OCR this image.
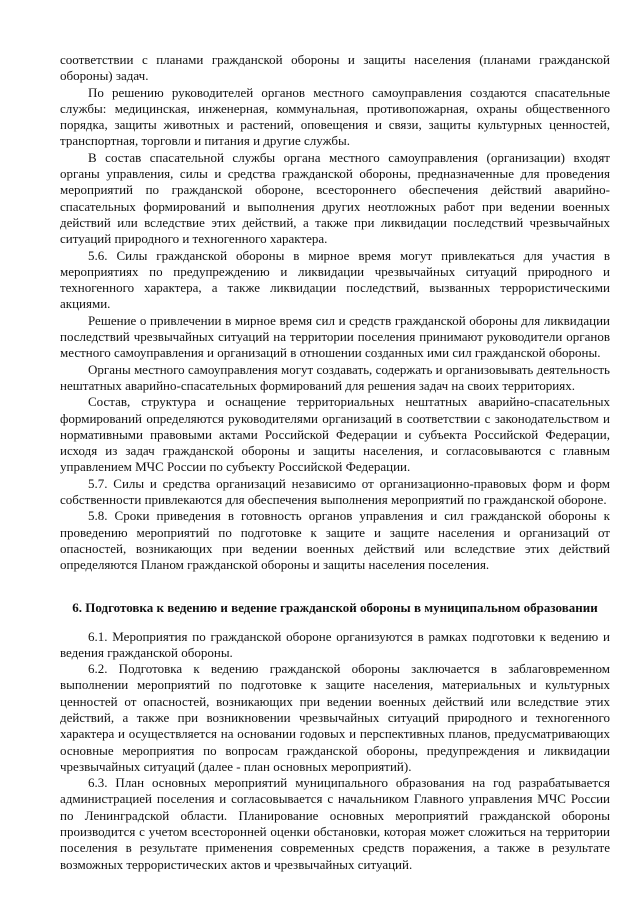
соответствии с планами гражданской обороны и защиты населения (планами гражданской обороны) задач.

По решению руководителей органов местного самоуправления создаются спасательные службы: медицинская, инженерная, коммунальная, противопожарная, охраны общественного порядка, защиты животных и растений, оповещения и связи, защиты культурных ценностей, транспортная, торговли и питания и другие службы.

В состав спасательной службы органа местного самоуправления (организации) входят органы управления, силы и средства гражданской обороны, предназначенные для проведения мероприятий по гражданской обороне, всестороннего обеспечения действий аварийно-спасательных формирований и выполнения других неотложных работ при ведении военных действий или вследствие этих действий, а также при ликвидации последствий чрезвычайных ситуаций природного и техногенного характера.

5.6. Силы гражданской обороны в мирное время могут привлекаться для участия в мероприятиях по предупреждению и ликвидации чрезвычайных ситуаций природного и техногенного характера, а также ликвидации последствий, вызванных террористическими акциями.

Решение о привлечении в мирное время сил и средств гражданской обороны для ликвидации последствий чрезвычайных ситуаций на территории поселения принимают руководители органов местного самоуправления и организаций в отношении созданных ими сил гражданской обороны.

Органы местного самоуправления могут создавать, содержать и организовывать деятельность нештатных аварийно-спасательных формирований для решения задач на своих территориях.

Состав, структура и оснащение территориальных нештатных аварийно-спасательных формирований определяются руководителями организаций в соответствии с законодательством и нормативными правовыми актами Российской Федерации и субъекта Российской Федерации, исходя из задач гражданской обороны и защиты населения, и согласовываются с главным управлением МЧС России по субъекту Российской Федерации.

5.7. Силы и средства организаций независимо от организационно-правовых форм и форм собственности привлекаются для обеспечения выполнения мероприятий по гражданской обороне.

5.8. Сроки приведения в готовность органов управления и сил гражданской обороны к проведению мероприятий по подготовке к защите и защите населения и организаций от опасностей, возникающих при ведении военных действий или вследствие этих действий определяются Планом гражданской обороны и защиты населения поселения.

6. Подготовка к ведению и ведение гражданской обороны в муниципальном образовании

6.1. Мероприятия по гражданской обороне организуются в рамках подготовки к ведению и ведения гражданской обороны.

6.2. Подготовка к ведению гражданской обороны заключается в заблаговременном выполнении мероприятий по подготовке к защите населения, материальных и культурных ценностей от опасностей, возникающих при ведении военных действий или вследствие этих действий, а также при возникновении чрезвычайных ситуаций природного и техногенного характера и осуществляется на основании годовых и перспективных планов, предусматривающих основные мероприятия по вопросам гражданской обороны, предупреждения и ликвидации чрезвычайных ситуаций (далее - план основных мероприятий).

6.3. План основных мероприятий муниципального образования на год разрабатывается администрацией поселения и согласовывается с начальником Главного управления МЧС России по Ленинградской области. Планирование основных мероприятий гражданской обороны производится с учетом всесторонней оценки обстановки, которая может сложиться на территории поселения в результате применения современных средств поражения, а также в результате возможных террористических актов и чрезвычайных ситуаций.
